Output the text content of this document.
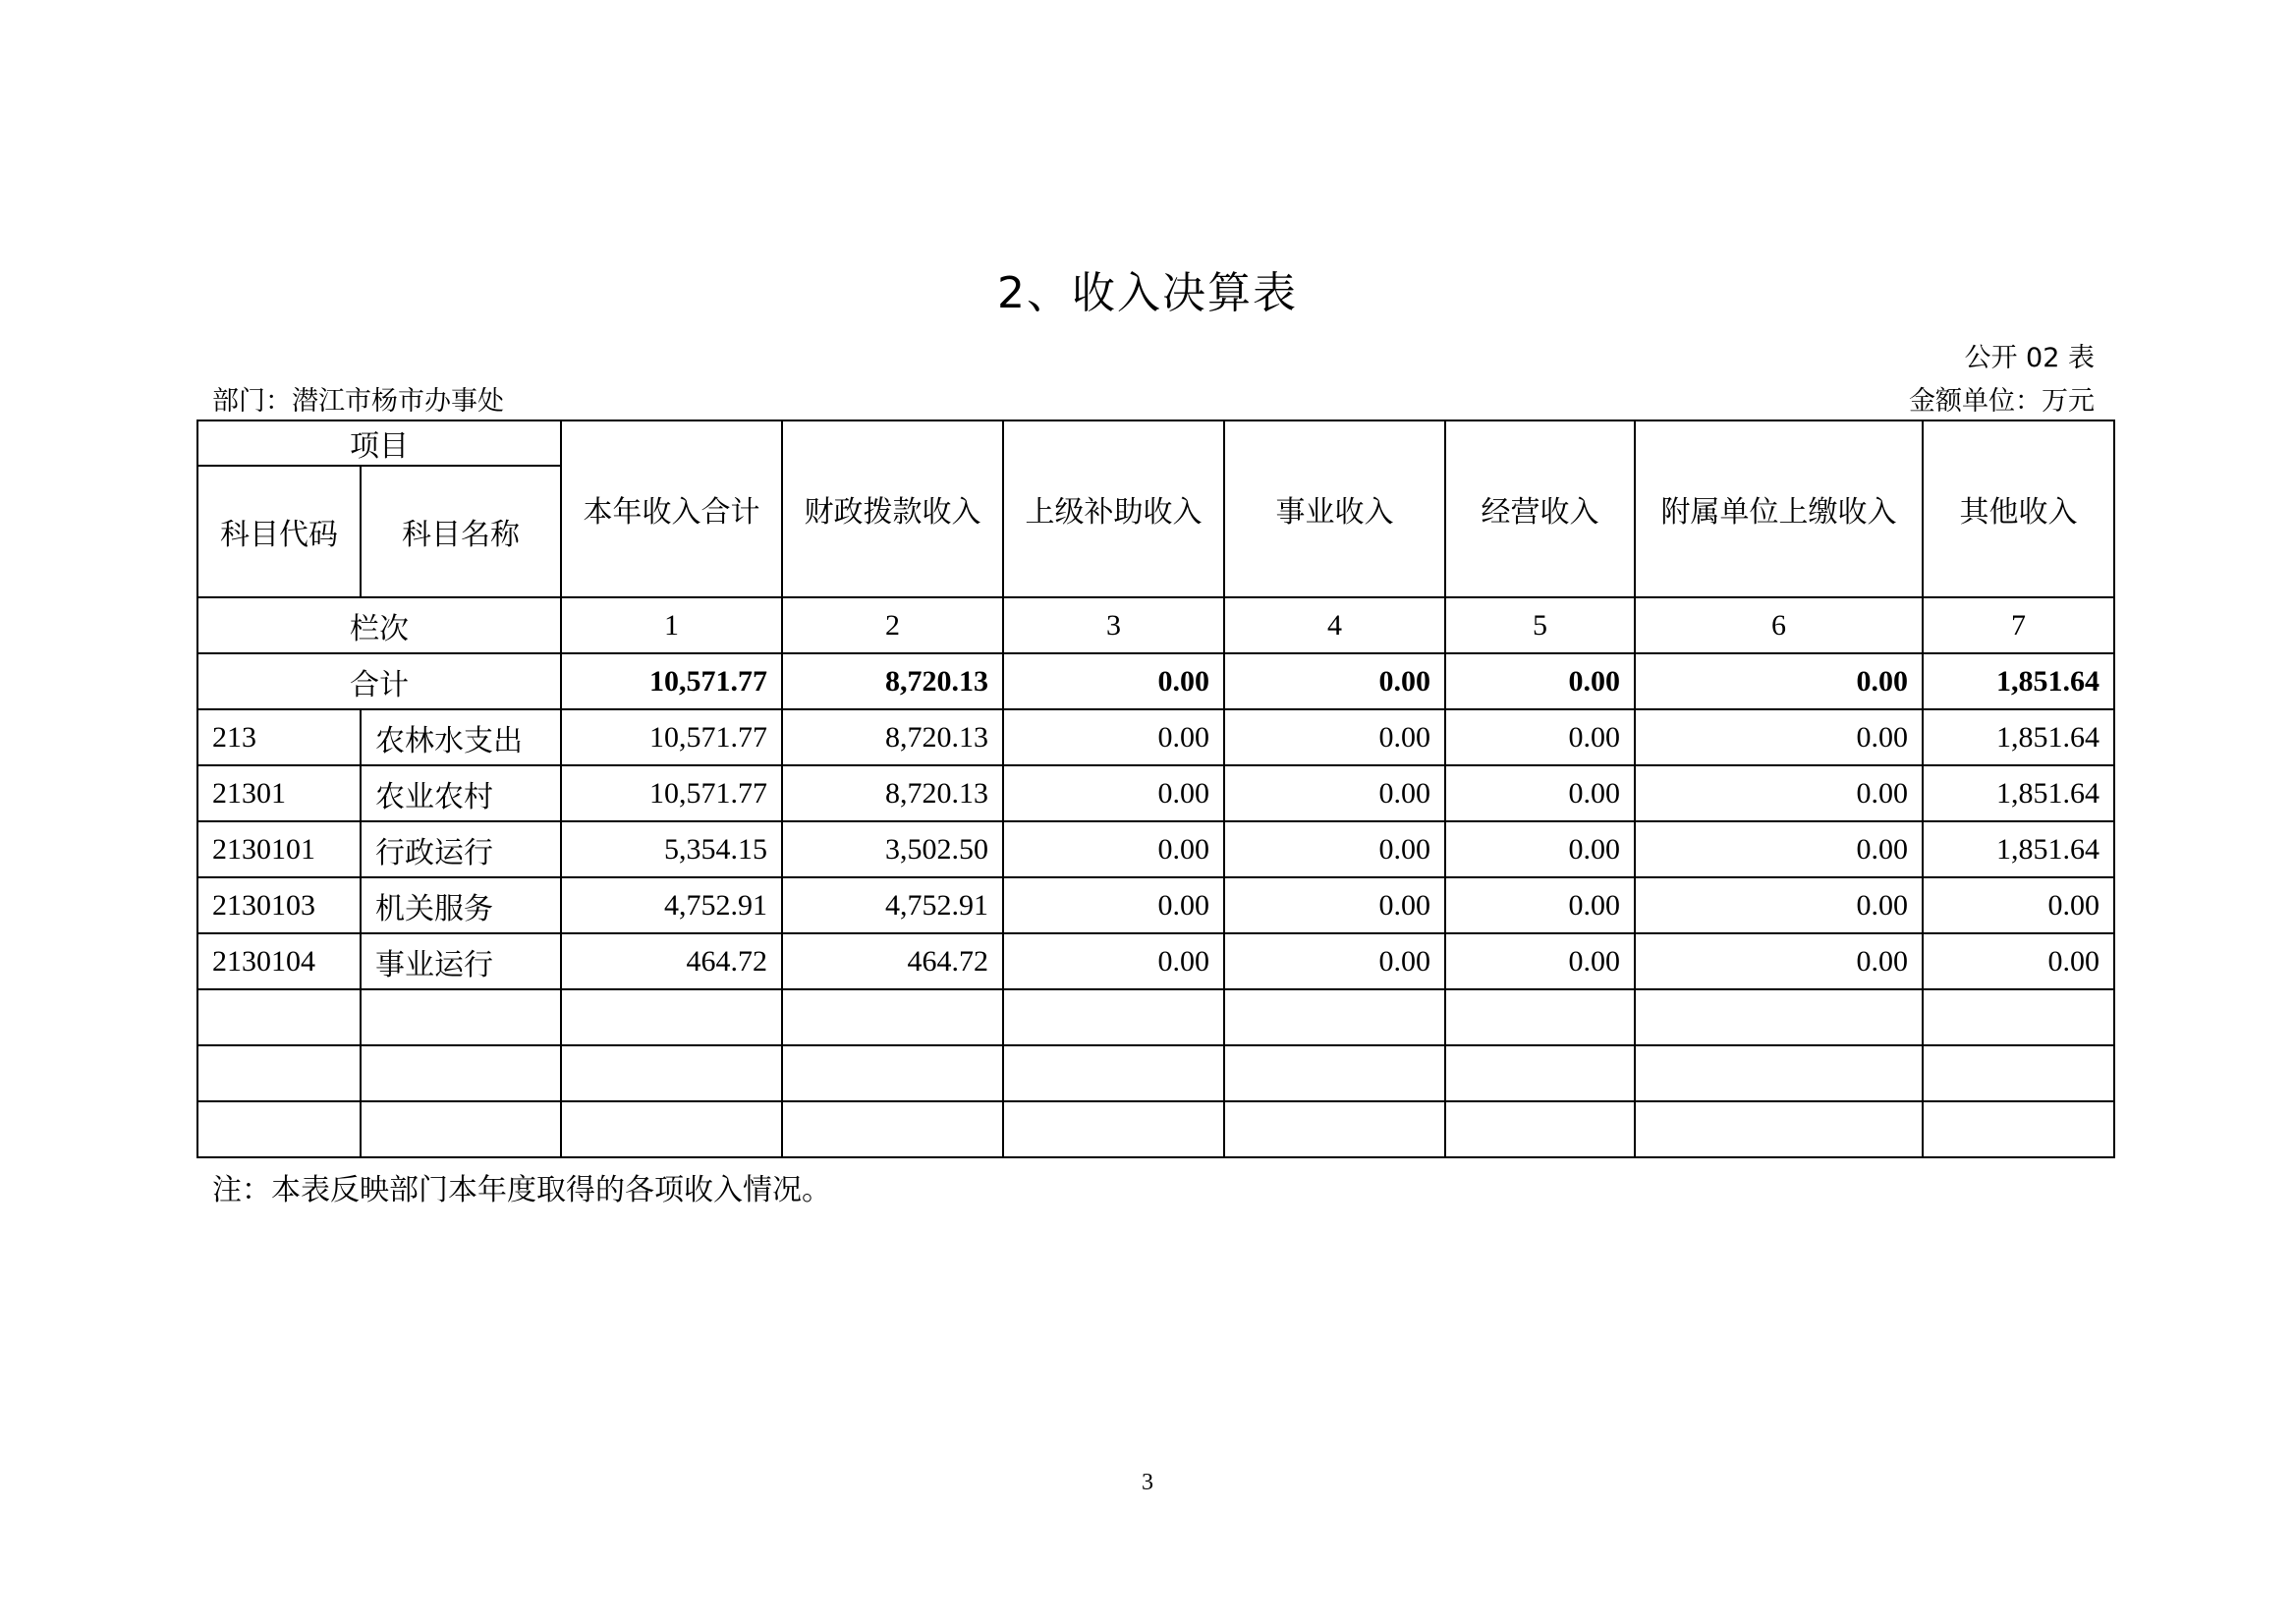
2、收入决算表
公开 02 表
部门：潜江市杨市办事处	金额单位：万元
项目		本年收入合计	财政拨款收入	上级补助收入	事业收入	经营收入	附属单位上缴收入	其他收入
科目代码	科目名称							
栏次		1	2	3	4	5	6	7
合计		10,571.77	8,720.13	0.00	0.00	0.00	0.00	1,851.64
213	农林水支出	10,571.77	8,720.13	0.00	0.00	0.00	0.00	1,851.64
21301	农业农村	10,571.77	8,720.13	0.00	0.00	0.00	0.00	1,851.64
2130101	行政运行	5,354.15	3,502.50	0.00	0.00	0.00	0.00	1,851.64
2130103	机关服务	4,752.91	4,752.91	0.00	0.00	0.00	0.00	0.00
2130104	事业运行	464.72	464.72	0.00	0.00	0.00	0.00	0.00

注：本表反映部门本年度取得的各项收入情况。
3
